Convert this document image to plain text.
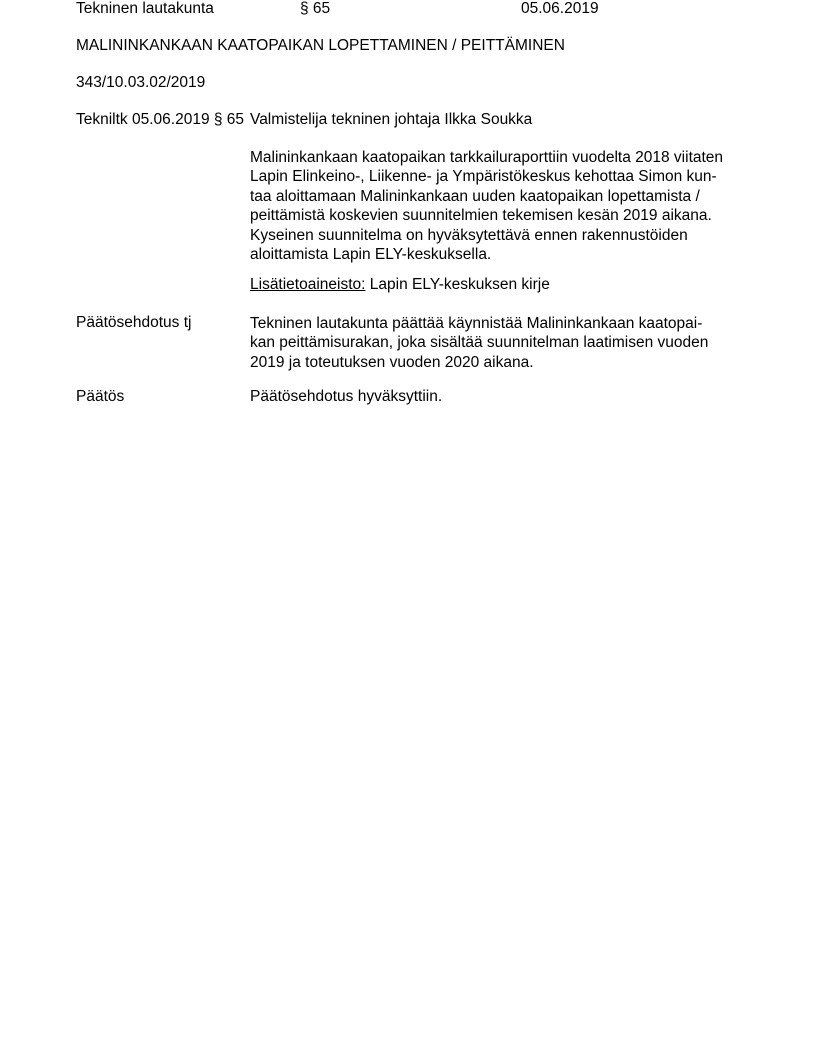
Tekninen lautakunta	§ 65	05.06.2019
MALININKANKAAN KAATOPAIKAN LOPETTAMINEN / PEITTÄMINEN
343/10.03.02/2019
Tekniltk 05.06.2019 § 65 Valmistelija tekninen johtaja Ilkka Soukka
Malininkankaan kaatopaikan tarkkailuraporttiin vuodelta 2018 viitaten
Lapin Elinkeino-, Liikenne- ja Ympäristökeskus kehottaa Simon kun-
taa aloittamaan Malininkankaan uuden kaatopaikan lopettamista /
peittämistä koskevien suunnitelmien tekemisen kesän 2019 aikana.
Kyseinen suunnitelma on hyväksytettävä ennen rakennustöiden
aloittamista Lapin ELY-keskuksella.
Lisätietoaineisto: Lapin ELY-keskuksen kirje
Päätösehdotus tj	Tekninen lautakunta päättää käynnistää Malininkankaan kaatopai-
kan peittämisurakan, joka sisältää suunnitelman laatimisen vuoden
2019 ja toteutuksen vuoden 2020 aikana.
Päätös	Päätösehdotus hyväksyttiin.
